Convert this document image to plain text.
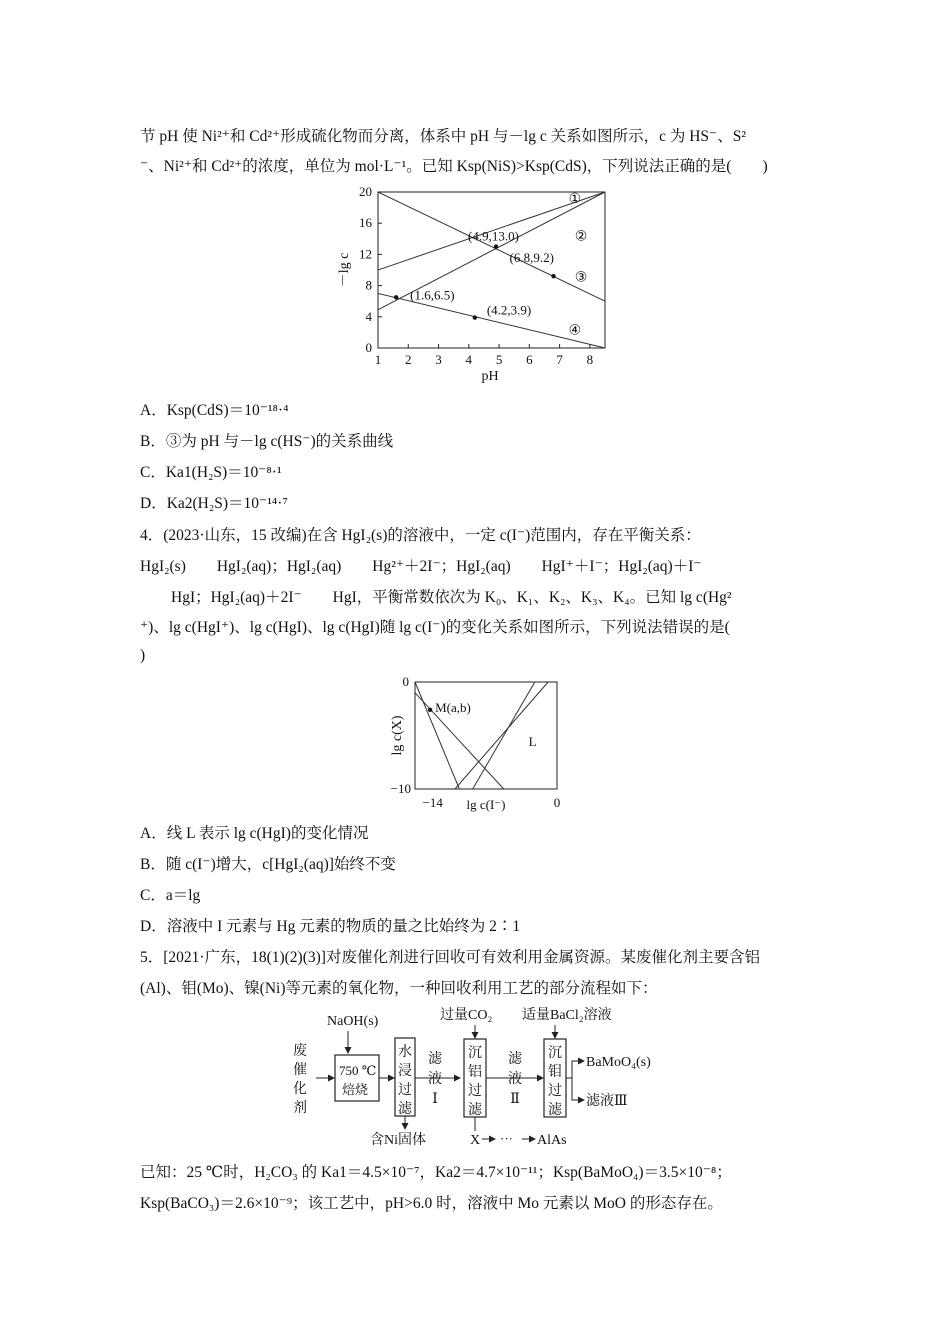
节 pH 使 Ni²⁺和 Cd²⁺形成硫化物而分离，体系中 pH 与－lg c 关系如图所示，c 为 HS⁻、S²
⁻、Ni²⁺和 Cd²⁺的浓度，单位为 mol·L⁻¹。已知 Ksp(NiS)>Ksp(CdS)，下列说法正确的是(　　)
1 2 3 4 5 6 7 8
0
4
8
12
16
20
pH
－lg c
①
②
③
④
(4.9,13.0)
(6.8,9.2)
(1.6,6.5)
(4.2,3.9)
A．Ksp(CdS)＝10⁻¹⁸·⁴
B．③为 pH 与－lg c(HS⁻)的关系曲线
C．Ka1(H₂S)＝10⁻⁸·¹
D．Ka2(H₂S)＝10⁻¹⁴·⁷
4．(2023·山东，15 改编)在含 HgI₂(s)的溶液中，一定 c(I⁻)范围内，存在平衡关系：
HgI₂(s)　　HgI₂(aq)；HgI₂(aq)　　Hg²⁺＋2I⁻；HgI₂(aq)　　HgI⁺＋I⁻；HgI₂(aq)＋I⁻
　　HgI；HgI₂(aq)＋2I⁻　　HgI，平衡常数依次为 K₀、K₁、K₂、K₃、K₄。已知 lg c(Hg²
⁺)、lg c(HgI⁺)、lg c(HgI)、lg c(HgI)随 lg c(I⁻)的变化关系如图所示，下列说法错误的是(
)
0
−10
−14	0
lg c(I⁻)
lg c(X)
M(a,b)
L
A．线 L 表示 lg c(HgI)的变化情况
B．随 c(I⁻)增大，c[HgI₂(aq)]始终不变
C．a＝lg
D．溶液中 I 元素与 Hg 元素的物质的量之比始终为 2∶1
5．[2021·广东，18(1)(2)(3)]对废催化剂进行回收可有效利用金属资源。某废催化剂主要含铝
(Al)、钼(Mo)、镍(Ni)等元素的氧化物，一种回收利用工艺的部分流程如下：
废
催
化
剂
NaOH(s)
750 ℃
焙烧
水
浸
过
滤
含Ni固体
滤
液
Ⅰ
过量CO₂
沉
铝
过
滤
X ··· AlAs
滤
液
Ⅱ
适量BaCl₂溶液
沉
钼
过
滤
BaMoO₄(s)
滤液Ⅲ
已知：25 ℃时，H₂CO₃ 的 Ka1＝4.5×10⁻⁷，Ka2＝4.7×10⁻¹¹；Ksp(BaMoO₄)＝3.5×10⁻⁸；
Ksp(BaCO₃)＝2.6×10⁻⁹；该工艺中，pH>6.0 时，溶液中 Mo 元素以 MoO 的形态存在。
